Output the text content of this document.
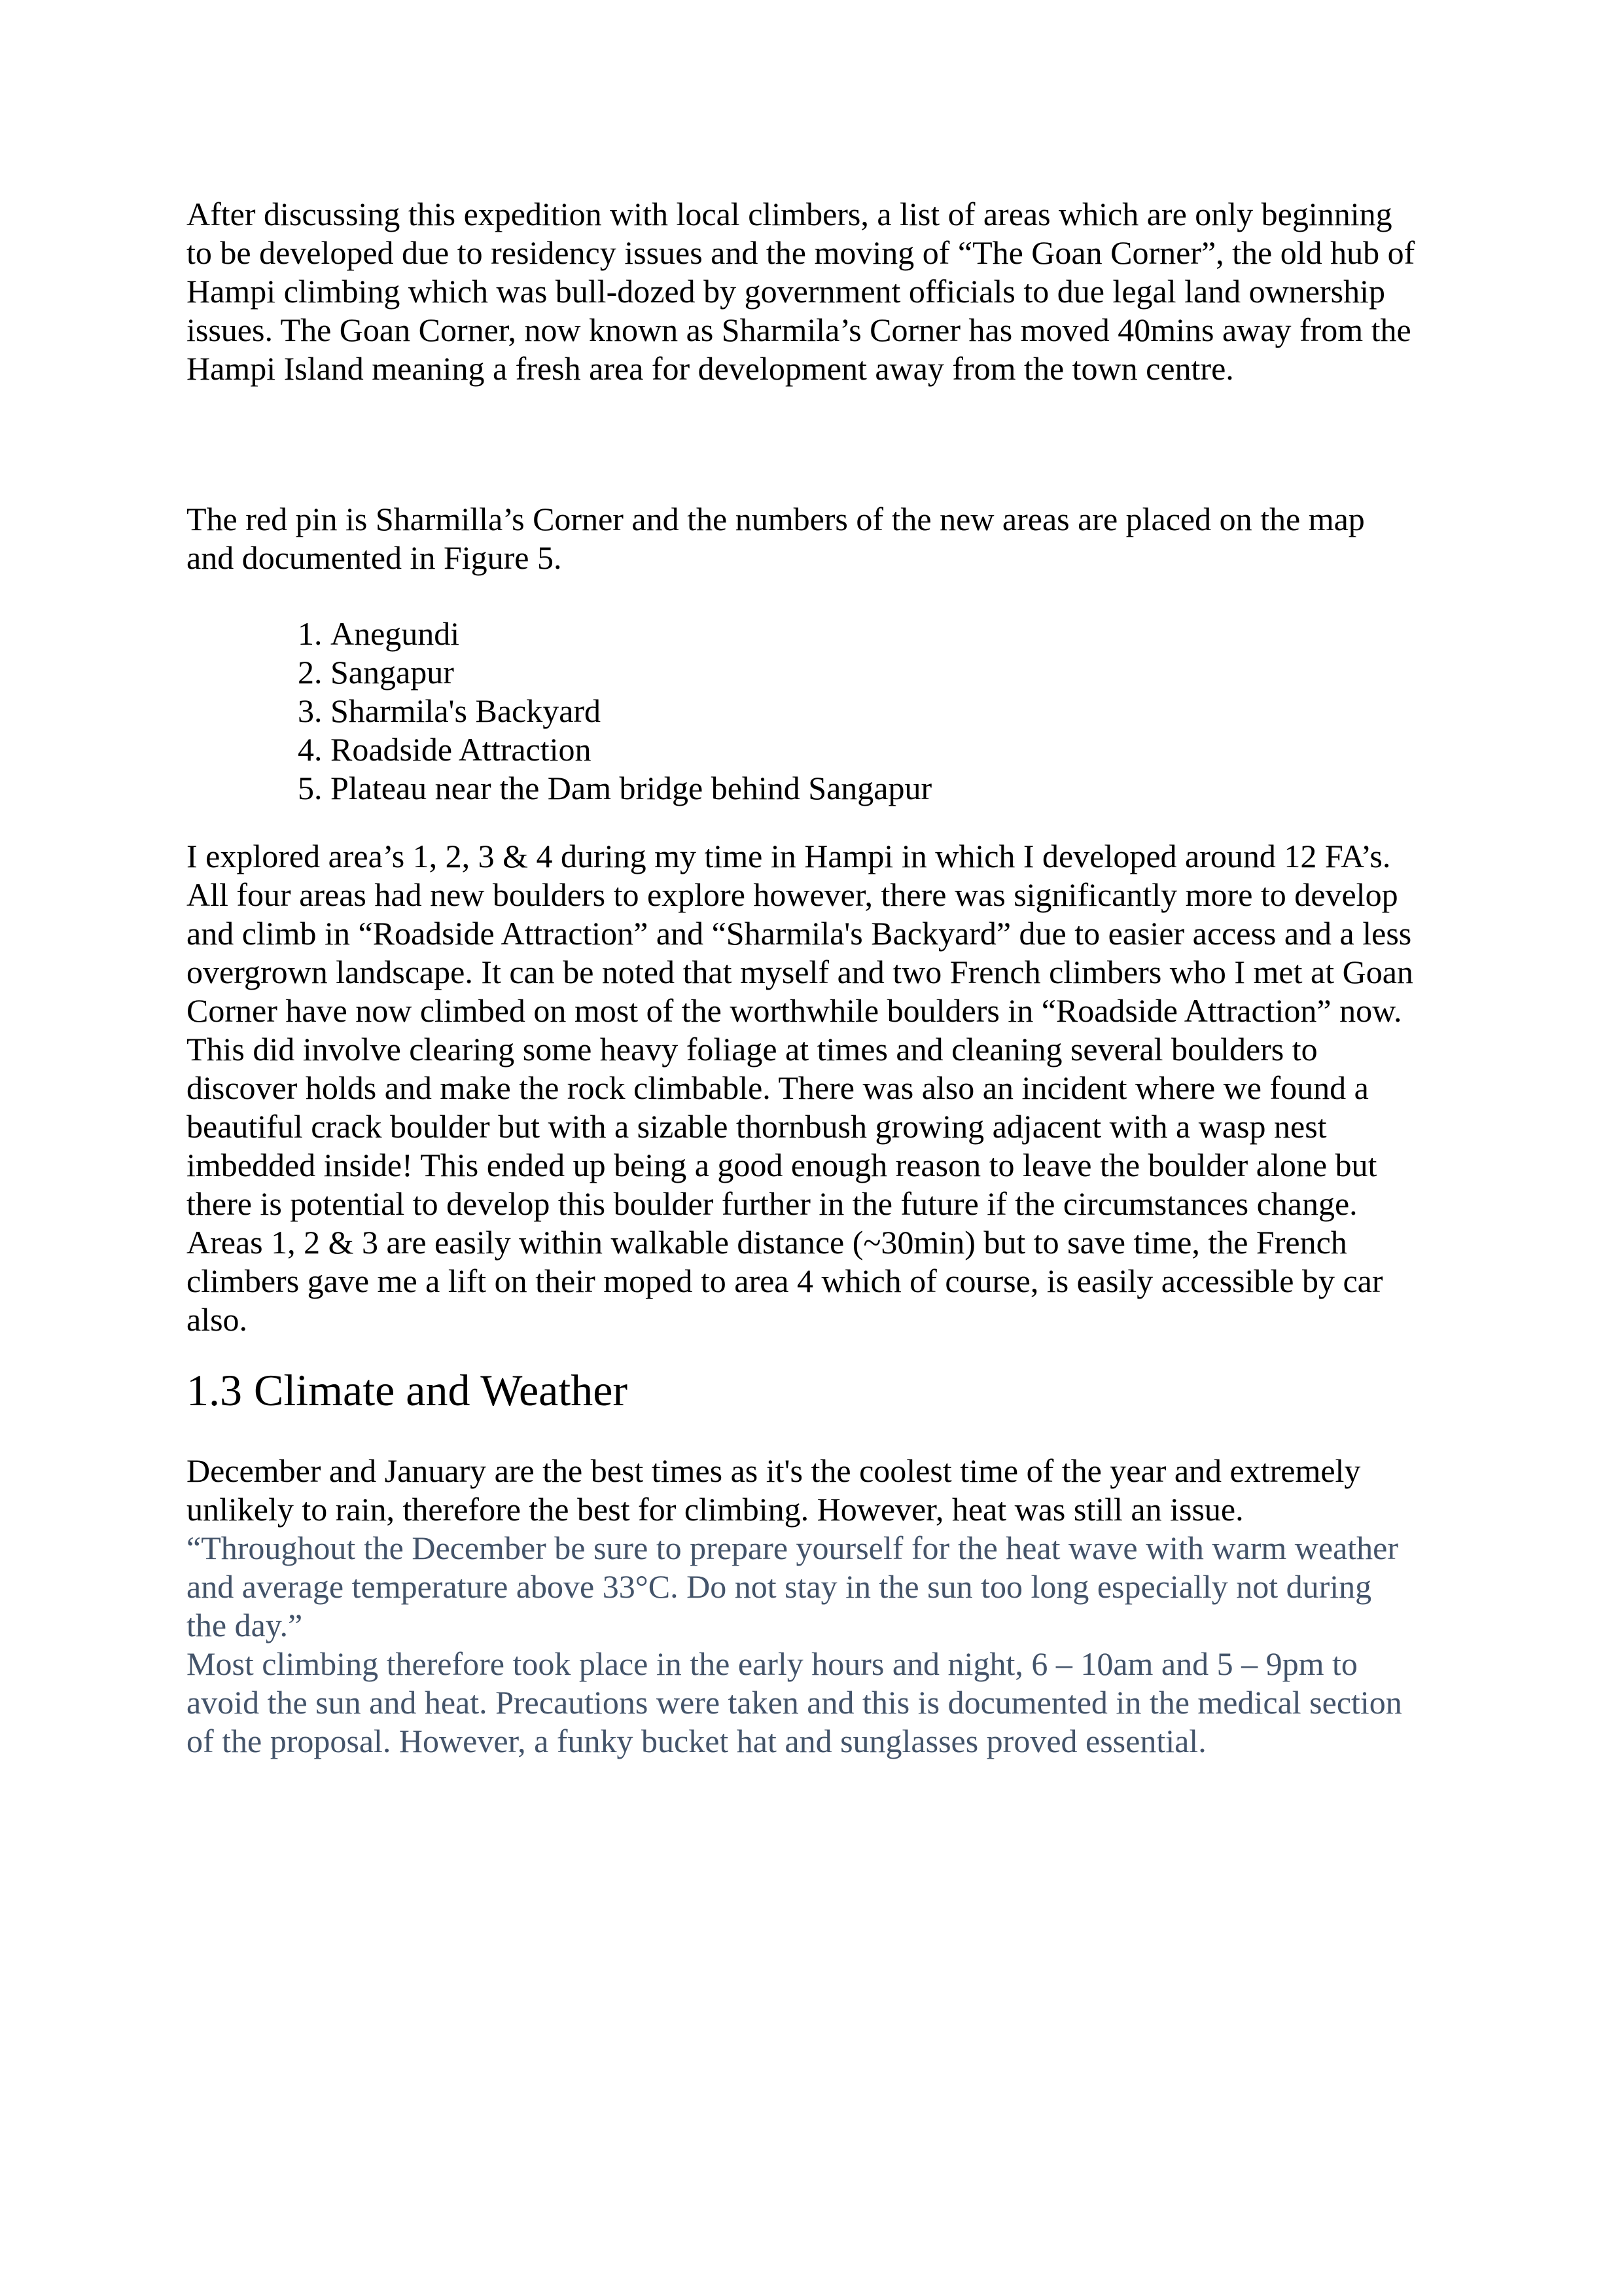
After discussing this expedition with local climbers, a list of areas which are only beginning
to be developed due to residency issues and the moving of “The Goan Corner”, the old hub of
Hampi climbing which was bull-dozed by government officials to due legal land ownership
issues. The Goan Corner, now known as Sharmila’s Corner has moved 40mins away from the
Hampi Island meaning a fresh area for development away from the town centre.
The red pin is Sharmilla’s Corner and the numbers of the new areas are placed on the map
and documented in Figure 5.
1. Anegundi
2. Sangapur
3. Sharmila's Backyard
4. Roadside Attraction
5. Plateau near the Dam bridge behind Sangapur
I explored area’s 1, 2, 3 & 4 during my time in Hampi in which I developed around 12 FA’s.
All four areas had new boulders to explore however, there was significantly more to develop
and climb in “Roadside Attraction” and “Sharmila's Backyard” due to easier access and a less
overgrown landscape. It can be noted that myself and two French climbers who I met at Goan
Corner have now climbed on most of the worthwhile boulders in “Roadside Attraction” now.
This did involve clearing some heavy foliage at times and cleaning several boulders to
discover holds and make the rock climbable. There was also an incident where we found a
beautiful crack boulder but with a sizable thornbush growing adjacent with a wasp nest
imbedded inside! This ended up being a good enough reason to leave the boulder alone but
there is potential to develop this boulder further in the future if the circumstances change.
Areas 1, 2 & 3 are easily within walkable distance (~30min) but to save time, the French
climbers gave me a lift on their moped to area 4 which of course, is easily accessible by car
also.
1.3 Climate and Weather
December and January are the best times as it's the coolest time of the year and extremely
unlikely to rain, therefore the best for climbing. However, heat was still an issue.
“Throughout the December be sure to prepare yourself for the heat wave with warm weather
and average temperature above 33°C. Do not stay in the sun too long especially not during
the day.”
Most climbing therefore took place in the early hours and night, 6 – 10am and 5 – 9pm to
avoid the sun and heat. Precautions were taken and this is documented in the medical section
of the proposal. However, a funky bucket hat and sunglasses proved essential.
